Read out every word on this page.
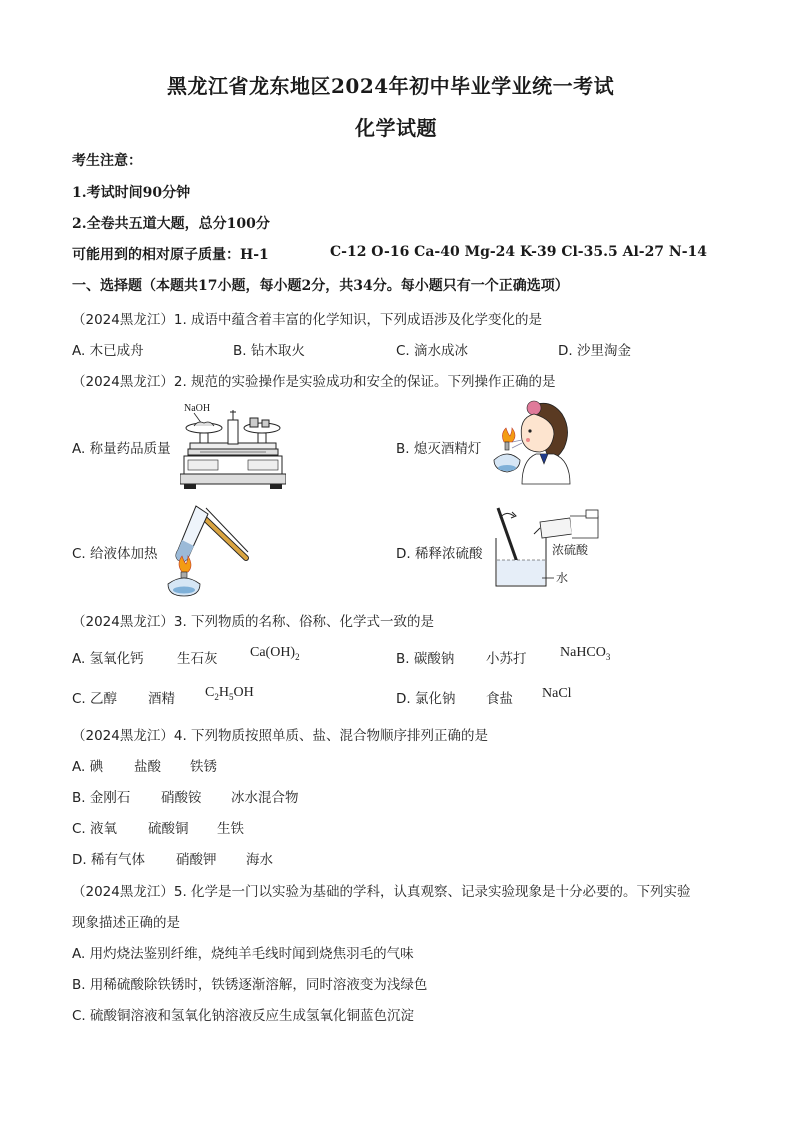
黑龙江省龙东地区2024年初中毕业学业统一考试
化学试题
考生注意：
1.考试时间90分钟
2.全卷共五道大题，总分100分
可能用到的相对原子质量：H-1	C-12 O-16 Ca-40 Mg-24 K-39 Cl-35.5 Al-27 N-14
一、选择题（本题共17小题，每小题2分，共34分。每小题只有一个正确选项）
（2024黑龙江）1. 成语中蕴含着丰富的化学知识，下列成语涉及化学变化的是
A. 木已成舟	B. 钻木取火	C. 滴水成冰	D. 沙里淘金
（2024黑龙江）2. 规范的实验操作是实验成功和安全的保证。下列操作正确的是
A. 称量药品质量
NaOH
B. 熄灭酒精灯
C. 给液体加热	D. 稀释浓硫酸	浓硫酸
水
（2024黑龙江）3. 下列物质的名称、俗称、化学式一致的是
A. 氢氧化钙 生石灰 $Ca(OH)_2$	B. 碳酸钠 小苏打 NaHCO$_3$
C. 乙醇 酒精 $C_2H_5OH$	D. 氯化钠 食盐 NaCl
（2024黑龙江）4. 下列物质按照单质、盐、混合物顺序排列正确的是
A. 碘 盐酸 铁锈
B. 金刚石 硝酸铵 冰水混合物
C. 液氧 硫酸铜 生铁
D. 稀有气体 硝酸钾 海水
（2024黑龙江）5. 化学是一门以实验为基础的学科，认真观察、记录实验现象是十分必要的。下列实验
现象描述正确的是
A. 用灼烧法鉴别纤维，烧纯羊毛线时闻到烧焦羽毛的气味
B. 用稀硫酸除铁锈时，铁锈逐渐溶解，同时溶液变为浅绿色
C. 硫酸铜溶液和氢氧化钠溶液反应生成氢氧化铜蓝色沉淀
